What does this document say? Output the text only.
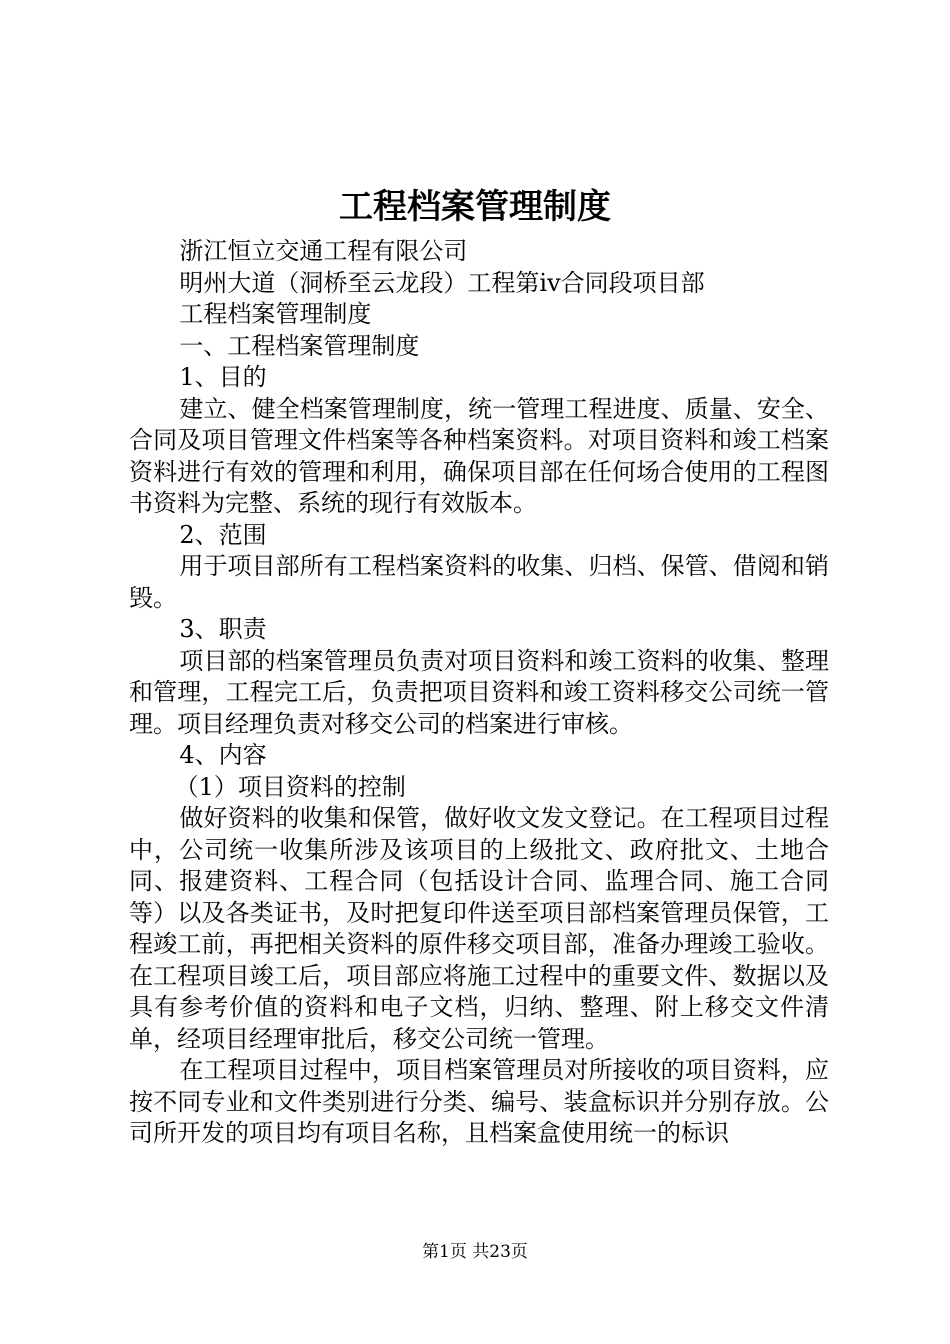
工程档案管理制度

浙江恒立交通工程有限公司

明州大道（洞桥至云龙段）工程第iv合同段项目部

工程档案管理制度

一、工程档案管理制度

1、目的

建立、健全档案管理制度，统一管理工程进度、质量、安全、合同及项目管理文件档案等各种档案资料。对项目资料和竣工档案资料进行有效的管理和利用，确保项目部在任何场合使用的工程图书资料为完整、系统的现行有效版本。

2、范围

用于项目部所有工程档案资料的收集、归档、保管、借阅和销毁。

3、职责

项目部的档案管理员负责对项目资料和竣工资料的收集、整理和管理，工程完工后，负责把项目资料和竣工资料移交公司统一管理。项目经理负责对移交公司的档案进行审核。

4、内容

（1）项目资料的控制

做好资料的收集和保管，做好收文发文登记。在工程项目过程中，公司统一收集所涉及该项目的上级批文、政府批文、土地合同、报建资料、工程合同（包括设计合同、监理合同、施工合同等）以及各类证书，及时把复印件送至项目部档案管理员保管，工程竣工前，再把相关资料的原件移交项目部，准备办理竣工验收。在工程项目竣工后，项目部应将施工过程中的重要文件、数据以及具有参考价值的资料和电子文档，归纳、整理、附上移交文件清单，经项目经理审批后，移交公司统一管理。

在工程项目过程中，项目档案管理员对所接收的项目资料，应按不同专业和文件类别进行分类、编号、装盒标识并分别存放。公司所开发的项目均有项目名称，且档案盒使用统一的标识

第1页 共23页
